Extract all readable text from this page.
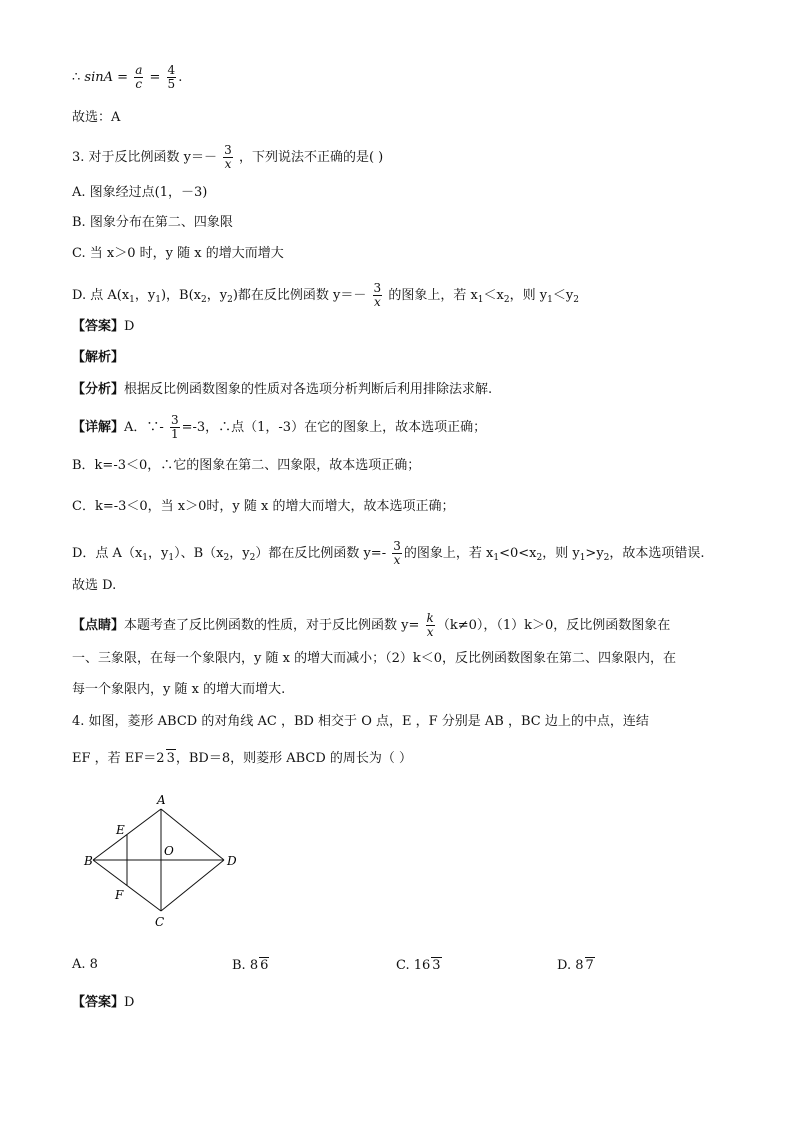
∴ $\sin A = \frac{a}{c} = \frac{4}{5}$ .
故选：A
3. 对于反比例函数 $y=- \frac{3}{x}$ ，下列说法不正确的是( )
A. 图象经过点(1，－3)
B. 图象分布在第二、四象限
C. 当 x＞0 时，y 随 x 的增大而增大
D. 点 $A(x_1$，$y_1$)，$B(x_2$，$y_2$)都在反比例函数 $y=- \frac{3}{x}$ 的图象上，若 $x_1<x_2$，则 $y_1<y_2$
【答案】D
【解析】
【分析】根据反比例函数图象的性质对各选项分析判断后利用排除法求解.
【详解】A．∵- $\frac{3}{1} =-3$，∴点（1，-3）在它的图象上，故本选项正确；
B．k=-3＜0，∴它的图象在第二、四象限，故本选项正确；
C．k=-3＜0，当 x＞0时，y 随 x 的增大而增大，故本选项正确；
D．点 $A(x_1$，$y_1$）、$B(x_2$，$y_2$）都在反比例函数 $y=- \frac{3}{x}$ 的图象上，若 $x_1<0<x_2$，则 $y_1>y_2$，故本选项错误.
故选 D.
【点睛】本题考查了反比例函数的性质，对于反比例函数 $y= \frac{k}{x} (k\ne 0)$，（1）k＞0，反比例函数图象在
一、三象限，在每一个象限内，y 随 x 的增大而减小；（2）k＜0，反比例函数图象在第二、四象限内，在
每一个象限内，y 随 x 的增大而增大.
4. 如图，菱形 ABCD 的对角线 AC ，BD 相交于 O 点，E ，F 分别是 AB ，BC 边上的中点，连结
EF ，若 EF＝2 3，BD＝8，则菱形 ABCD 的周长为（ ）
A
E
B
O
D
F
C
A. 8	B. 8 6	C. 16 3	D. 8 7
【答案】D
